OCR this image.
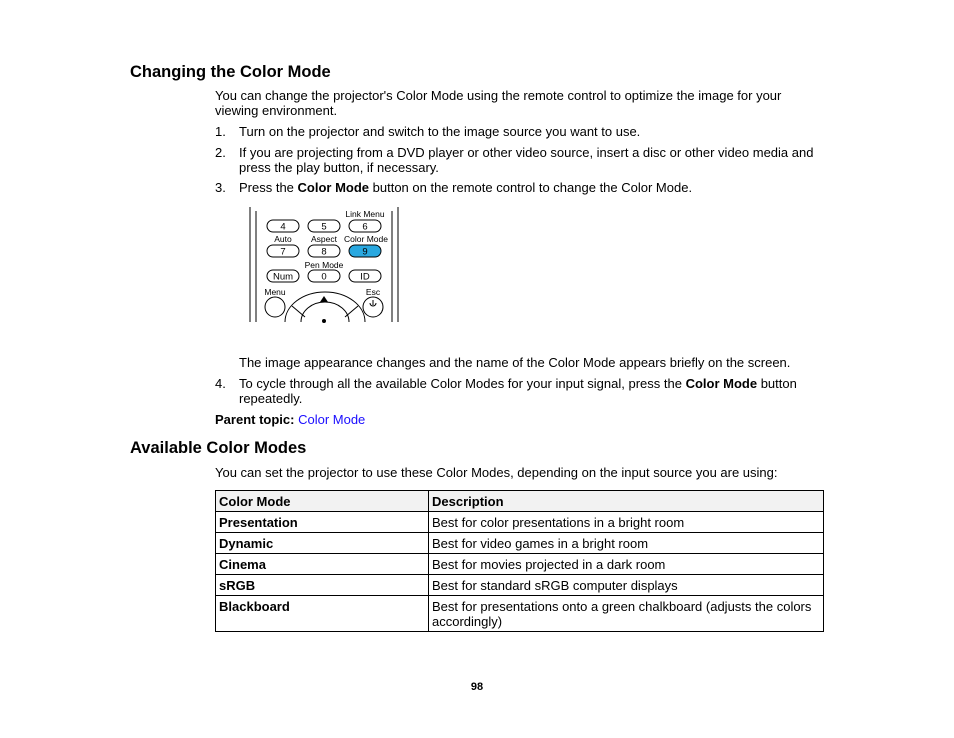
Changing the Color Mode
You can change the projector's Color Mode using the remote control to optimize the image for your
viewing environment.
1.	Turn on the projector and switch to the image source you want to use.
2.	If you are projecting from a DVD player or other video source, insert a disc or other video media and
press the play button, if necessary.
3.	Press the Color Mode button on the remote control to change the Color Mode.
Link Menu
Auto Aspect Color Mode
Pen Mode
Menu	Esc
4	5	6
7	8	9
Num	0	ID
The image appearance changes and the name of the Color Mode appears briefly on the screen.
4.	To cycle through all the available Color Modes for your input signal, press the Color Mode button
repeatedly.
Parent topic: Color Mode
Available Color Modes
You can set the projector to use these Color Modes, depending on the input source you are using:
Color Mode	Description
Presentation	Best for color presentations in a bright room
Dynamic	Best for video games in a bright room
Cinema	Best for movies projected in a dark room
sRGB	Best for standard sRGB computer displays
Blackboard	Best for presentations onto a green chalkboard (adjusts the colors accordingly)
98
